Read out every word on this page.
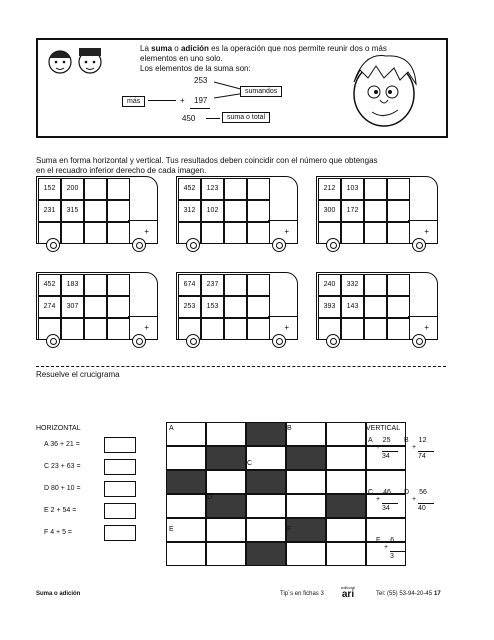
La suma o adición es la operación que nos permite reunir dos o más
elementos en uno solo.
Los elementos de la suma son:
253
+ 197
450
sumandos
más
suma o total
Suma en forma horizontal y vertical. Tus resultados deben coincidir con el número que obtengas
en el recuadro inferior derecho de cada imagen.
152	200
231	315
+
452	123
312	102
+
212	103
300	172
+
452	183
274	307
+
674	237
253	153
+
240	332
393	143
+
Resuelve el crucigrama
HORIZONTAL
A 36 + 21 =
C 23 + 63 =
D 80 + 10 =
E 2 + 54 =
F 4 + 5 =
A	B
C
D
E	F
VERTICAL
A 25
+
34
B 12
+
74
C 46
+
34
D 56
+
40
F 6
+
3
Suma o adición	Tip´s en fichas 3
editorial
ari	Tel: (55) 53-94-20-45 17
